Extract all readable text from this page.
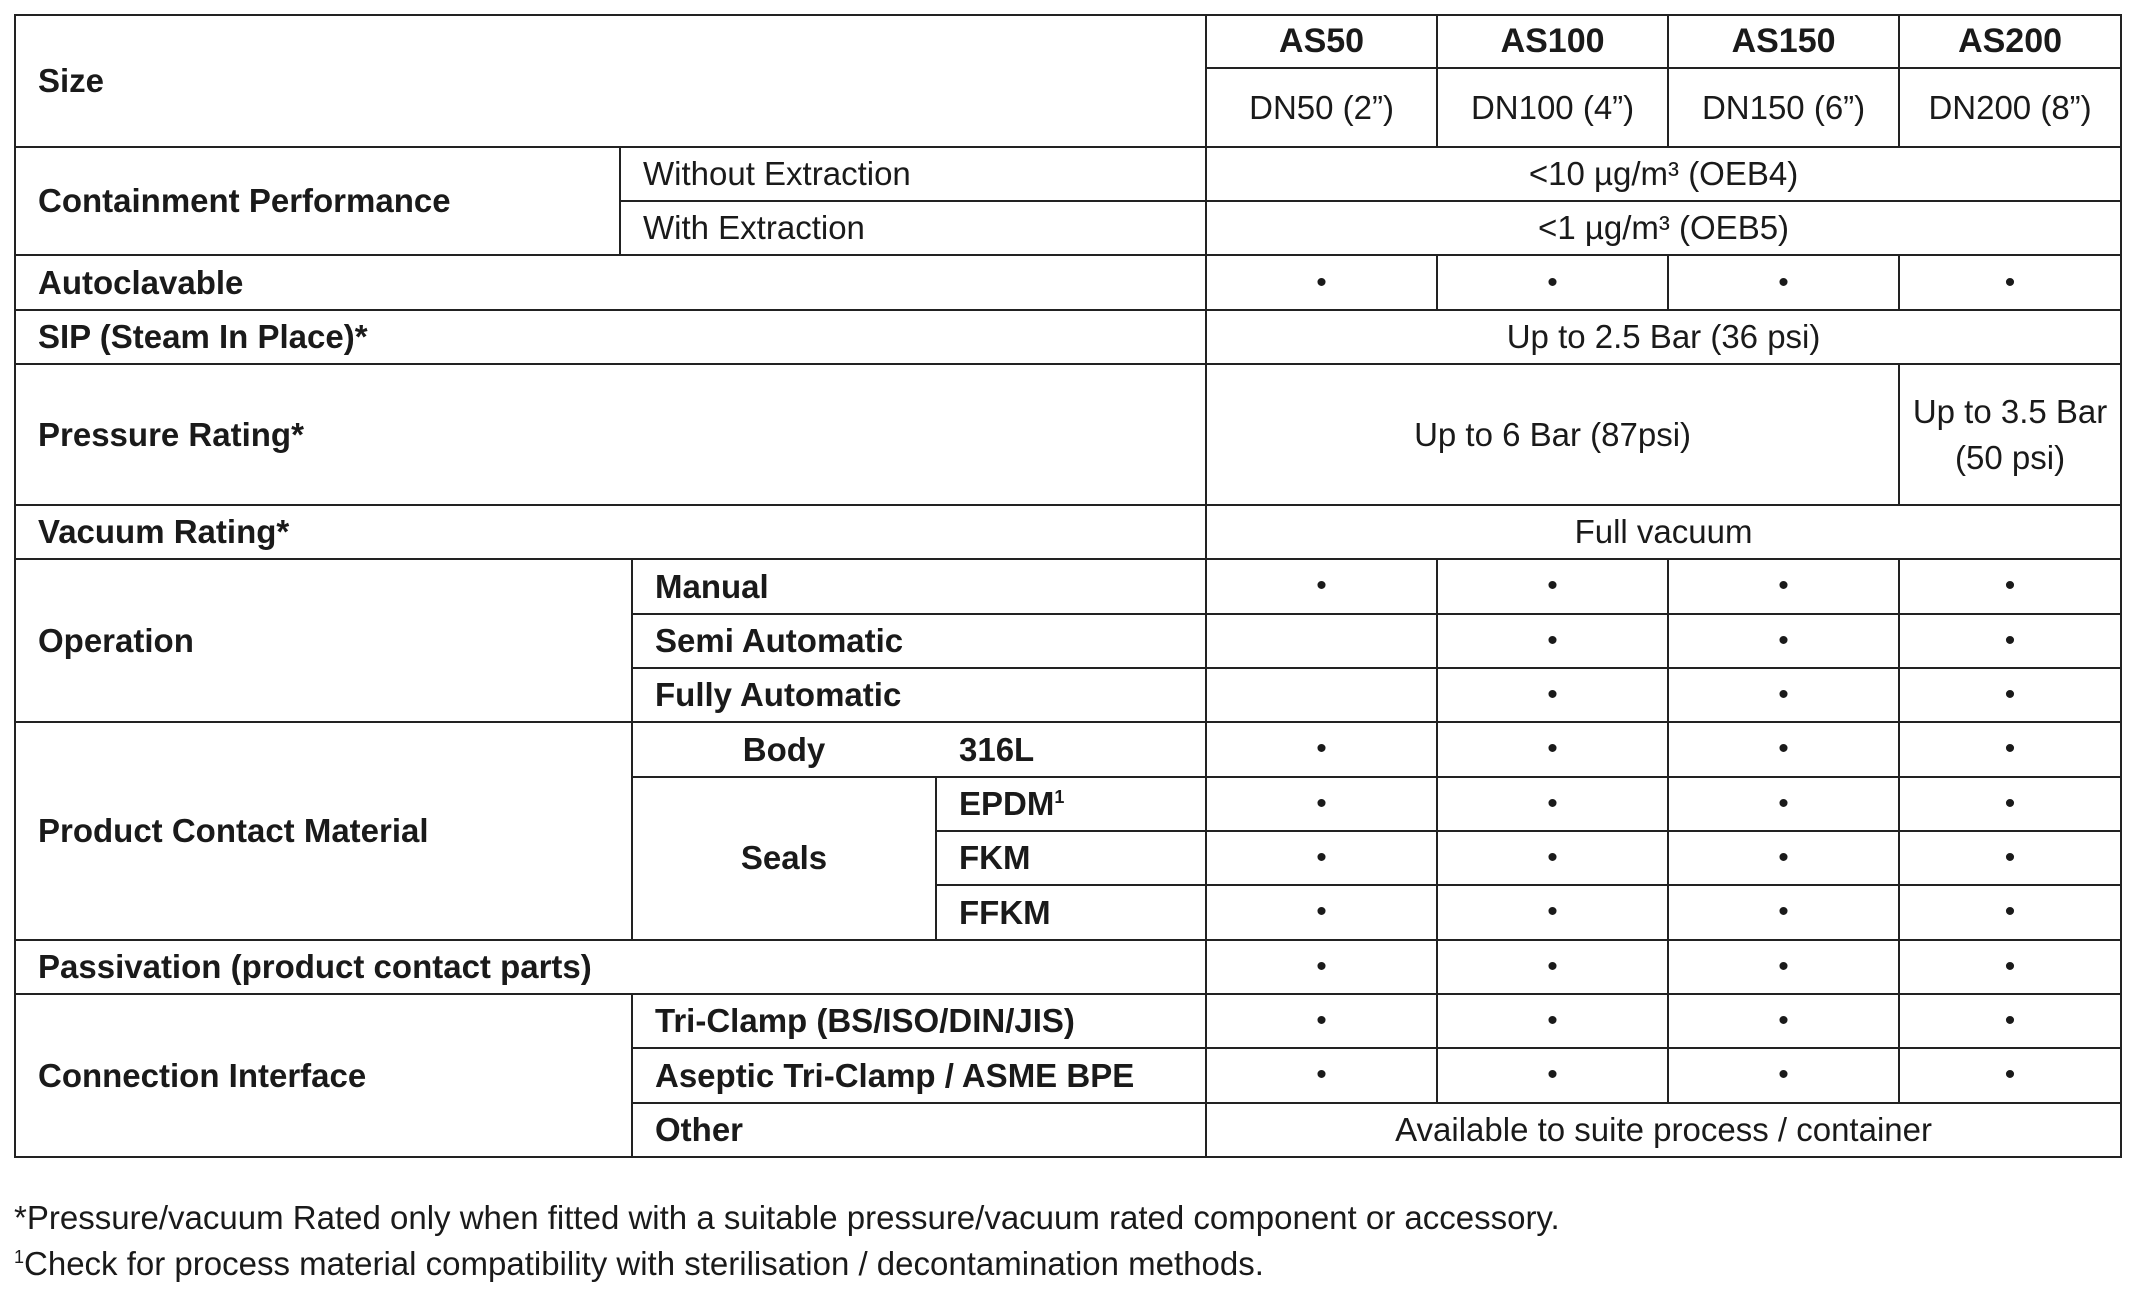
Size				AS50	AS100	AS150	AS200
				DN50 (2”)	DN100 (4”)	DN150 (6”)	DN200 (8”)
Containment Performance	Without Extraction			<10 µg/m³ (OEB4)			
	With Extraction			<1 µg/m³ (OEB5)			
Autoclavable				•	•	•	•
SIP (Steam In Place)*				Up to 2.5 Bar (36 psi)			
Pressure Rating*				Up to 6 Bar (87psi)			Up to 3.5 Bar (50 psi)
Vacuum Rating*				Full vacuum			
Operation		Manual		•	•	•	•
		Semi Automatic			•	•	•
		Fully Automatic			•	•	•
Product Contact Material		Body	316L	•	•	•	•
		Seals	EPDM$^1$	•	•	•	•
			FKM	•	•	•	•
			FFKM	•	•	•	•
Passivation (product contact parts)				•	•	•	•
Connection Interface		Tri-Clamp (BS/ISO/DIN/JIS)		•	•	•	•
		Aseptic Tri-Clamp / ASME BPE		•	•	•	•
		Other		Available to suite process / container			
*Pressure/vacuum Rated only when fitted with a suitable pressure/vacuum rated component or accessory.
$^1$Check for process material compatibility with sterilisation / decontamination methods.
